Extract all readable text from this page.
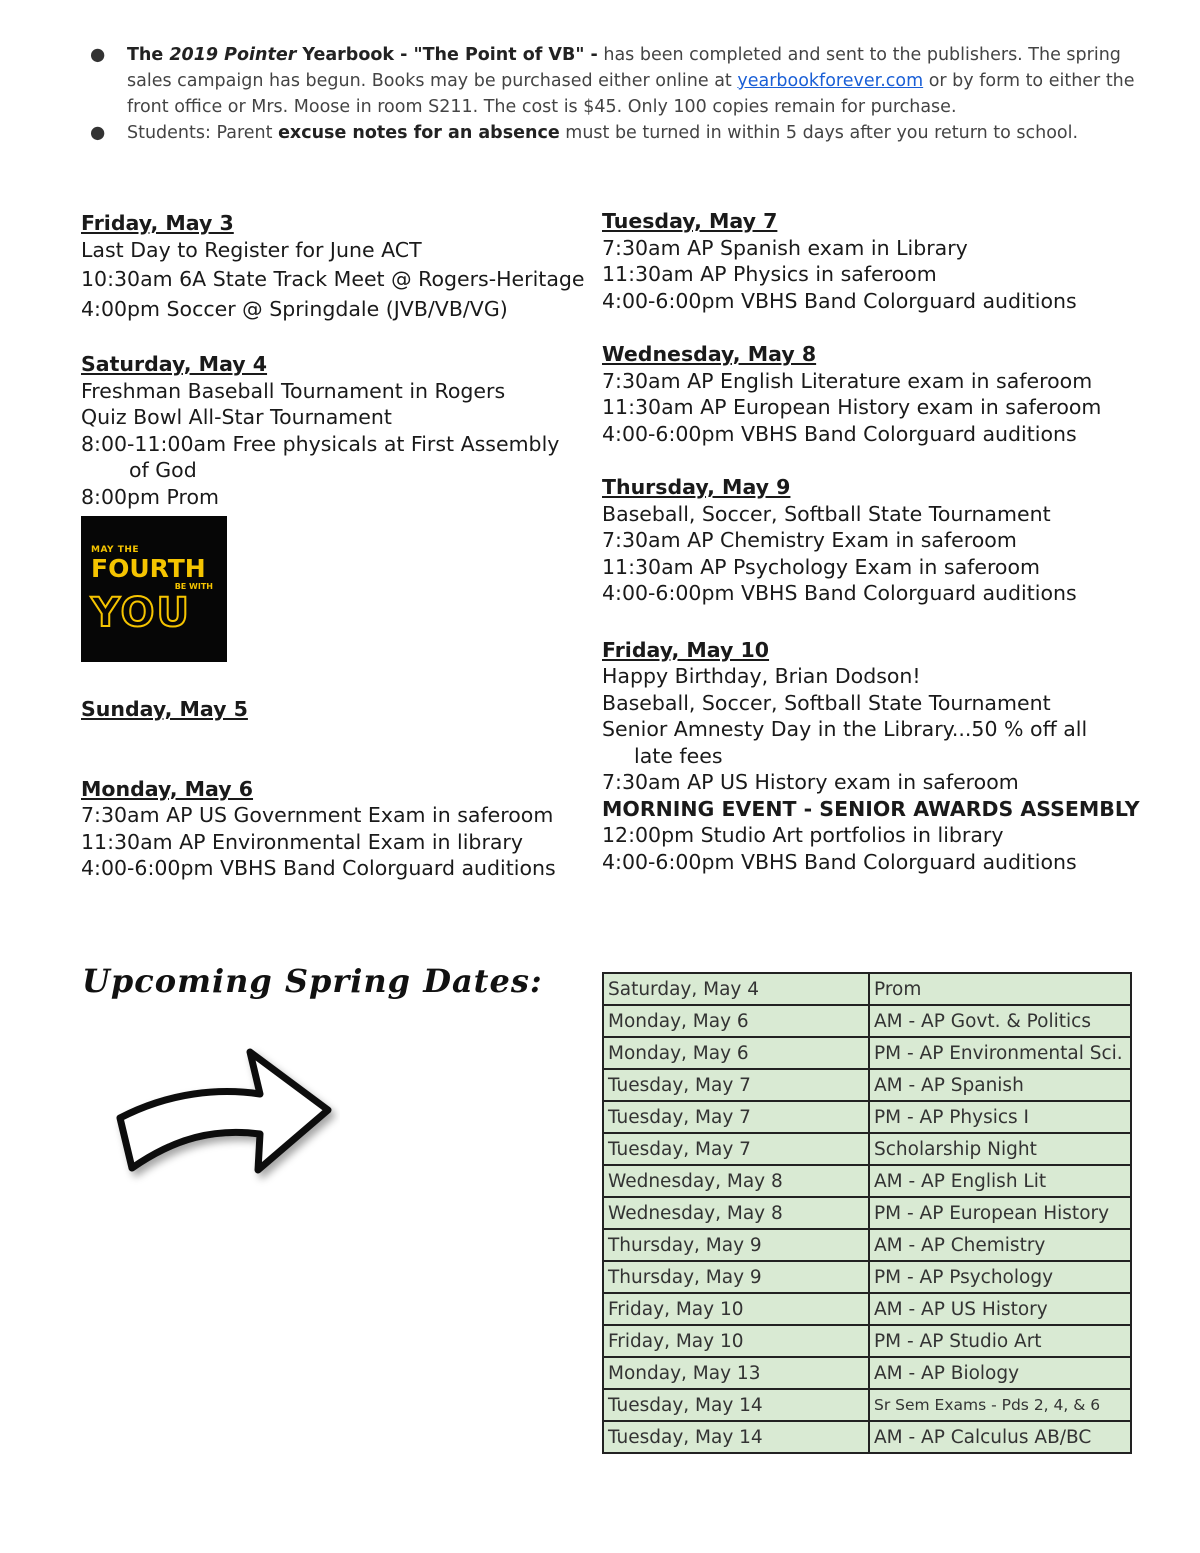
● The 2019 Pointer Yearbook - "The Point of VB" - has been completed and sent to the publishers. The spring sales campaign has begun. Books may be purchased either online at yearbookforever.com or by form to either the front office or Mrs. Moose in room S211. The cost is $45. Only 100 copies remain for purchase.
● Students: Parent excuse notes for an absence must be turned in within 5 days after you return to school.

Friday, May 3

Last Day to Register for June ACT

10:30am 6A State Track Meet @ Rogers-Heritage

4:00pm Soccer @ Springdale (JVB/VB/VG)

Saturday, May 4

Freshman Baseball Tournament in Rogers

Quiz Bowl All-Star Tournament

8:00-11:00am Free physicals at First Assembly

of God

8:00pm Prom

MAY THE
FOURTH
BE WITH
YOU

Sunday, May 5

Monday, May 6

7:30am AP US Government Exam in saferoom

11:30am AP Environmental Exam in library

4:00-6:00pm VBHS Band Colorguard auditions

Tuesday, May 7

7:30am AP Spanish exam in Library

11:30am AP Physics in saferoom

4:00-6:00pm VBHS Band Colorguard auditions

Wednesday, May 8

7:30am AP English Literature exam in saferoom

11:30am AP European History exam in saferoom

4:00-6:00pm VBHS Band Colorguard auditions

Thursday, May 9

Baseball, Soccer, Softball State Tournament

7:30am AP Chemistry Exam in saferoom

11:30am AP Psychology Exam in saferoom

4:00-6:00pm VBHS Band Colorguard auditions

Friday, May 10

Happy Birthday, Brian Dodson!

Baseball, Soccer, Softball State Tournament

Senior Amnesty Day in the Library...50 % off all

late fees

7:30am AP US History exam in saferoom

MORNING EVENT - SENIOR AWARDS ASSEMBLY

12:00pm Studio Art portfolios in library

4:00-6:00pm VBHS Band Colorguard auditions

Upcoming Spring Dates:	Saturday, May 4	Prom
Monday, May 6	AM - AP Govt. & Politics
Monday, May 6	PM - AP Environmental Sci.
Tuesday, May 7	AM - AP Spanish
Tuesday, May 7	PM - AP Physics I
Tuesday, May 7	Scholarship Night
Wednesday, May 8	AM - AP English Lit
Wednesday, May 8	PM - AP European History
Thursday, May 9	AM - AP Chemistry
Thursday, May 9	PM - AP Psychology
Friday, May 10	AM - AP US History
Friday, May 10	PM - AP Studio Art
Monday, May 13	AM - AP Biology
Tuesday, May 14	Sr Sem Exams - Pds 2, 4, & 6
Tuesday, May 14	AM - AP Calculus AB/BC
